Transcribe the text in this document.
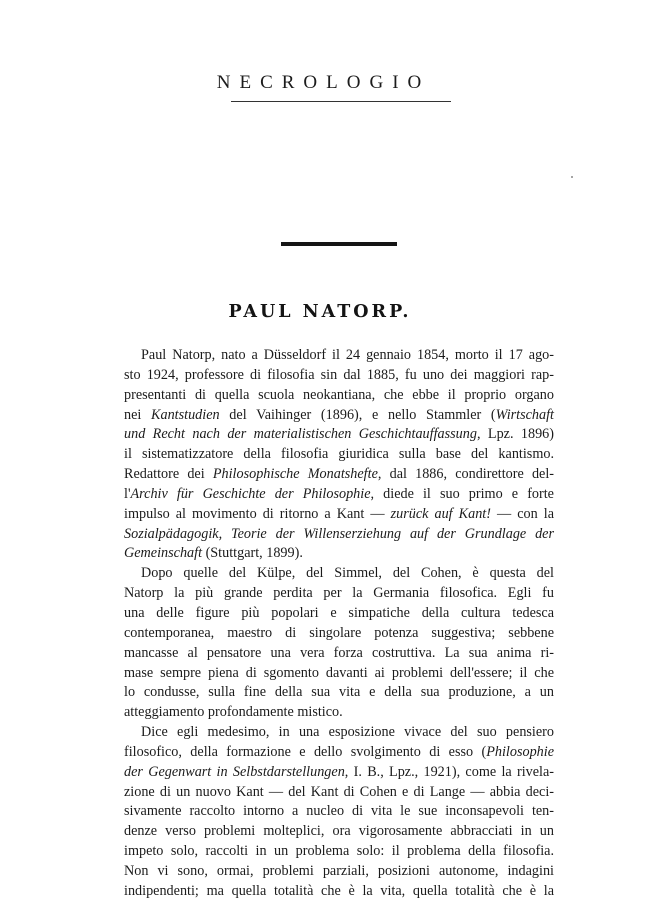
NECROLOGIO
PAUL NATORP.
Paul Natorp, nato a Düsseldorf il 24 gennaio 1854, morto il 17 ago-
sto 1924, professore di filosofia sin dal 1885, fu uno dei maggiori rap-
presentanti di quella scuola neokantiana, che ebbe il proprio organo
nei Kantstudien del Vaihinger (1896), e nello Stammler (Wirtschaft
und Recht nach der materialistischen Geschichtauffassung, Lpz. 1896)
il sistematizzatore della filosofia giuridica sulla base del kantismo.
Redattore dei Philosophische Monatshefte, dal 1886, condirettore del-
l'Archiv für Geschichte der Philosophie, diede il suo primo e forte
impulso al movimento di ritorno a Kant — zurück auf Kant! — con la
Sozialpädagogik, Teorie der Willenserziehung auf der Grundlage der
Gemeinschaft (Stuttgart, 1899).
Dopo quelle del Külpe, del Simmel, del Cohen, è questa del
Natorp la più grande perdita per la Germania filosofica. Egli fu
una delle figure più popolari e simpatiche della cultura tedesca
contemporanea, maestro di singolare potenza suggestiva; sebbene
mancasse al pensatore una vera forza costruttiva. La sua anima ri-
mase sempre piena di sgomento davanti ai problemi dell'essere; il che
lo condusse, sulla fine della sua vita e della sua produzione, a un
atteggiamento profondamente mistico.
Dice egli medesimo, in una esposizione vivace del suo pensiero
filosofico, della formazione e dello svolgimento di esso (Philosophie
der Gegenwart in Selbstdarstellungen, I. B., Lpz., 1921), come la rivela-
zione di un nuovo Kant — del Kant di Cohen e di Lange — abbia deci-
sivamente raccolto intorno a nucleo di vita le sue inconsapevoli ten-
denze verso problemi molteplici, ora vigorosamente abbracciati in un
impeto solo, raccolti in un problema solo: il problema della filosofia.
Non vi sono, ormai, problemi parziali, posizioni autonome, indagini
indipendenti; ma quella totalità che è la vita, quella totalità che è la
